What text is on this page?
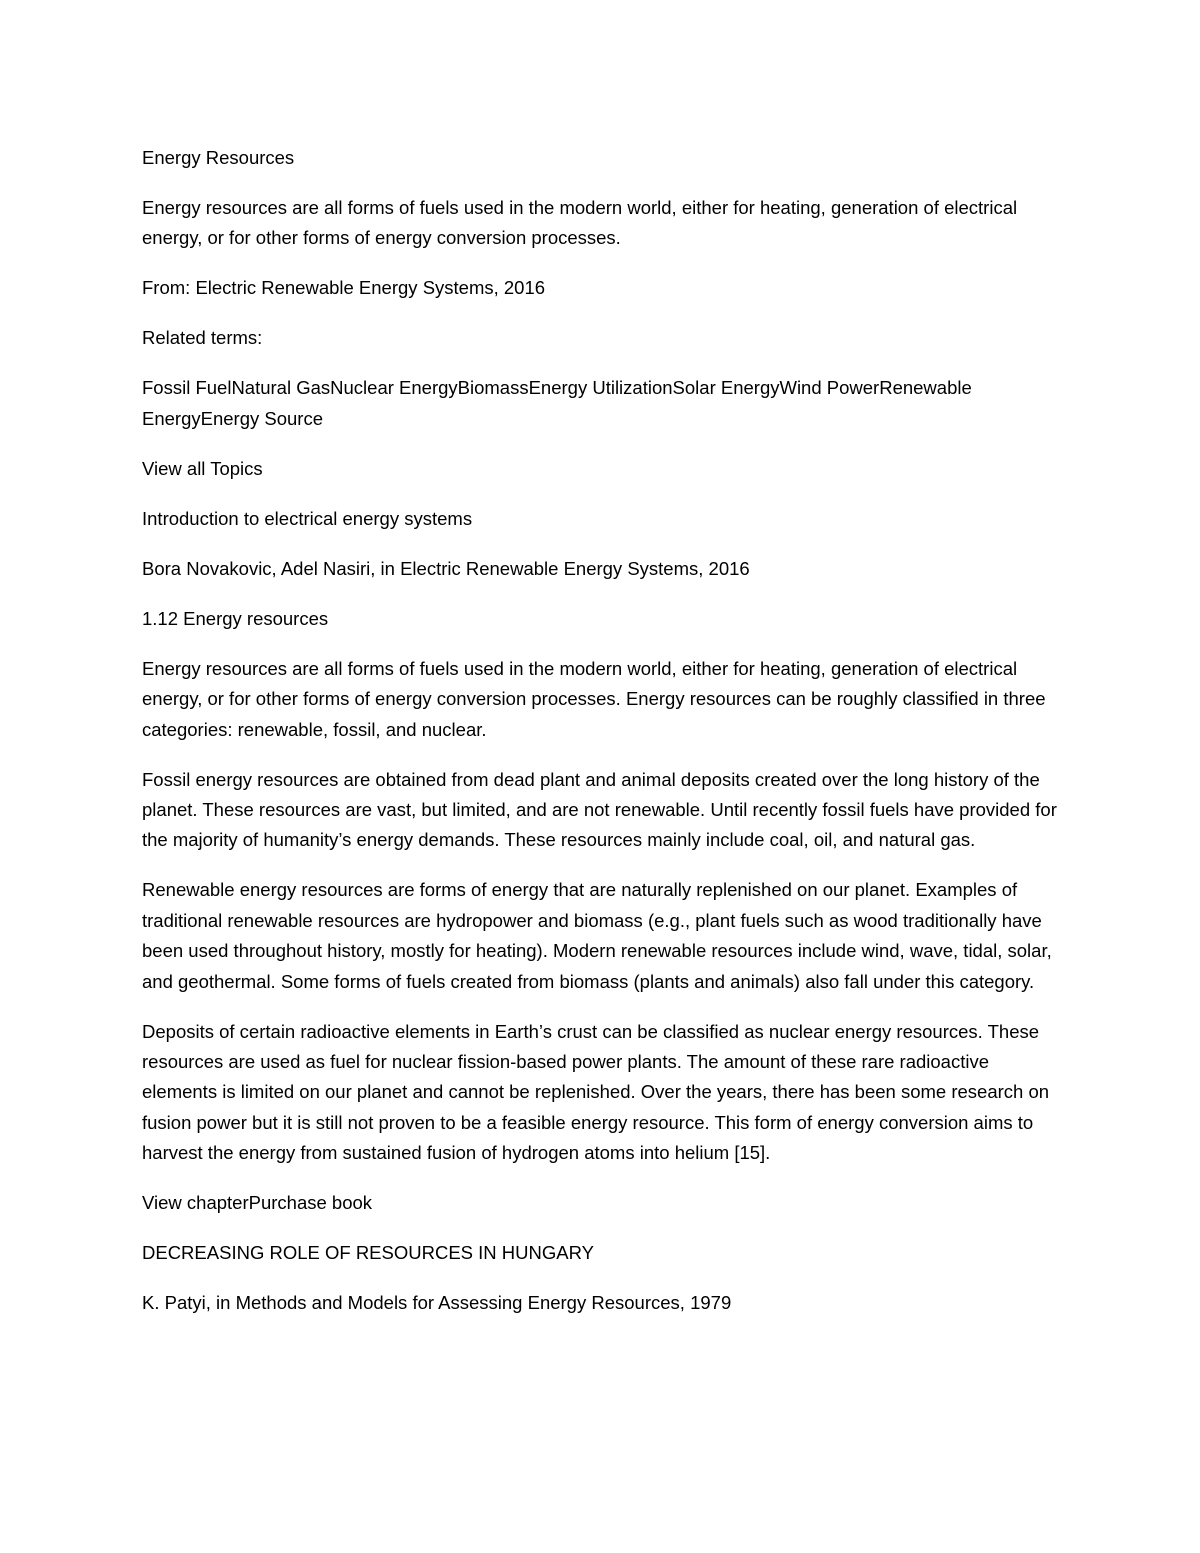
Energy Resources

Energy resources are all forms of fuels used in the modern world, either for heating, generation of electrical energy, or for other forms of energy conversion processes.

From: Electric Renewable Energy Systems, 2016

Related terms:

Fossil FuelNatural GasNuclear EnergyBiomassEnergy UtilizationSolar EnergyWind PowerRenewable EnergyEnergy Source

View all Topics

Introduction to electrical energy systems

Bora Novakovic, Adel Nasiri, in Electric Renewable Energy Systems, 2016

1.12 Energy resources

Energy resources are all forms of fuels used in the modern world, either for heating, generation of electrical energy, or for other forms of energy conversion processes. Energy resources can be roughly classified in three categories: renewable, fossil, and nuclear.

Fossil energy resources are obtained from dead plant and animal deposits created over the long history of the planet. These resources are vast, but limited, and are not renewable. Until recently fossil fuels have provided for the majority of humanity’s energy demands. These resources mainly include coal, oil, and natural gas.

Renewable energy resources are forms of energy that are naturally replenished on our planet. Examples of traditional renewable resources are hydropower and biomass (e.g., plant fuels such as wood traditionally have been used throughout history, mostly for heating). Modern renewable resources include wind, wave, tidal, solar, and geothermal. Some forms of fuels created from biomass (plants and animals) also fall under this category.

Deposits of certain radioactive elements in Earth’s crust can be classified as nuclear energy resources. These resources are used as fuel for nuclear fission-based power plants. The amount of these rare radioactive elements is limited on our planet and cannot be replenished. Over the years, there has been some research on fusion power but it is still not proven to be a feasible energy resource. This form of energy conversion aims to harvest the energy from sustained fusion of hydrogen atoms into helium [15].

View chapterPurchase book

DECREASING ROLE OF RESOURCES IN HUNGARY

K. Patyi, in Methods and Models for Assessing Energy Resources, 1979
